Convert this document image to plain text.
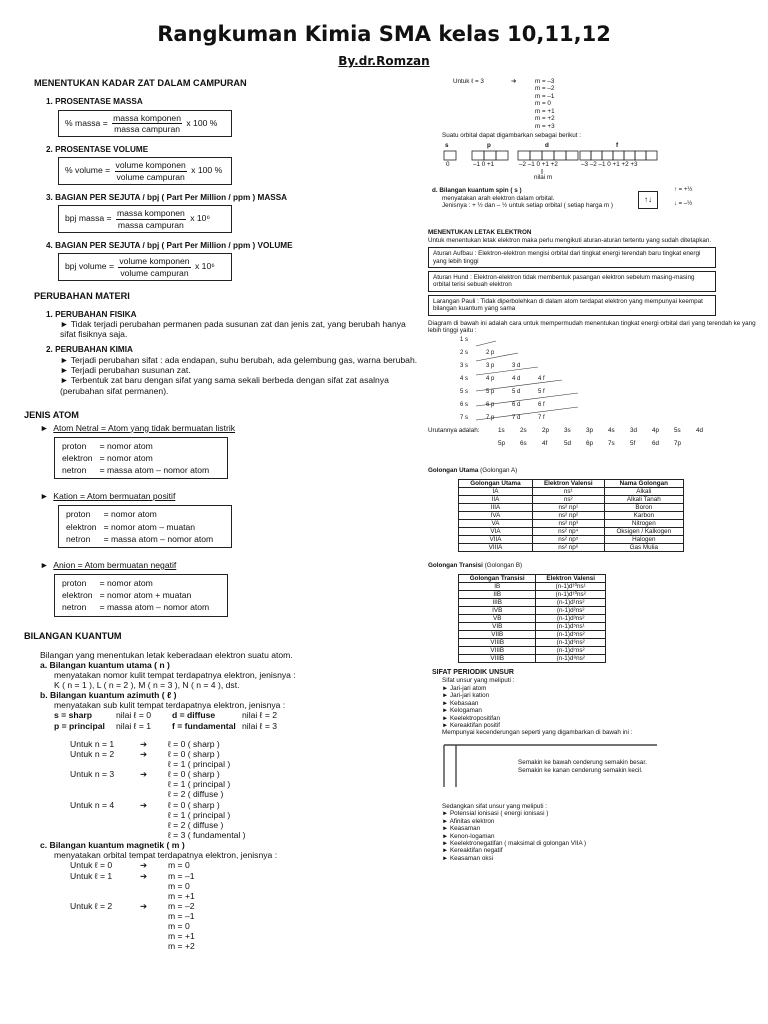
Rangkuman Kimia SMA kelas 10,11,12
By.dr.Romzan

MENENTUKAN KADAR ZAT DALAM CAMPURAN

1. PROSENTASE MASSA

% massa = $\frac{\text{massa komponen}}{\text{massa campuran}}$ x 100 %

2. PROSENTASE VOLUME

% volume = $\frac{\text{volume komponen}}{\text{volume campuran}}$ x 100 %

3. BAGIAN PER SEJUTA / bpj ( Part Per Million / ppm ) MASSA

bpj massa = $\frac{\text{massa komponen}}{\text{massa campuran}}$ x 10⁶

4. BAGIAN PER SEJUTA / bpj ( Part Per Million / ppm ) VOLUME

bpj volume = $\frac{\text{volume komponen}}{\text{volume campuran}}$ x 10⁶

PERUBAHAN MATERI

1. PERUBAHAN FISIKA

► Tidak terjadi perubahan permanen pada susunan zat dan jenis zat, yang berubah hanya sifat fisiknya saja.

2. PERUBAHAN KIMIA

► Terjadi perubahan sifat : ada endapan, suhu berubah, ada gelembung gas, warna berubah.

► Terjadi perubahan susunan zat.

► Terbentuk zat baru dengan sifat yang sama sekali berbeda dengan sifat zat asalnya (perubahan sifat permanen).

JENIS ATOM

►  Atom Netral = Atom yang tidak bermuatan listrik

proton	= nomor atom
elektron	= nomor atom
netron	= massa atom – nomor atom

►  Kation = Atom bermuatan positif

proton	= nomor atom
elektron	= nomor atom – muatan
netron	= massa atom – nomor atom

►  Anion = Atom bermuatan negatif

proton	= nomor atom
elektron	= nomor atom + muatan
netron	= massa atom – nomor atom

BILANGAN KUANTUM

Bilangan yang menentukan letak keberadaan elektron suatu atom.

a. Bilangan kuantum utama ( n )

menyatakan nomor kulit tempat terdapatnya elektron, jenisnya :

K ( n = 1 ), L ( n = 2 ), M ( n = 3 ), N ( n = 4 ), dst.

b. Bilangan kuantum azimuth ( ℓ )

menyatakan sub kulit tempat terdapatnya elektron, jenisnya :

s = sharp	nilai ℓ = 0	d = diffuse	nilai ℓ = 2
p = principal	nilai ℓ = 1	f = fundamental nilai ℓ = 3
Untuk n = 1	➔	ℓ = 0 ( sharp )
Untuk n = 2	➔	ℓ = 0 ( sharp )
ℓ = 1 ( principal )
Untuk n = 3	➔	ℓ = 0 ( sharp )
ℓ = 1 ( principal )
ℓ = 2 ( diffuse )
Untuk n = 4	➔	ℓ = 0 ( sharp )
ℓ = 1 ( principal )
ℓ = 2 ( diffuse )
ℓ = 3 ( fundamental )

c. Bilangan kuantum magnetik ( m )

menyatakan orbital tempat terdapatnya elektron, jenisnya :

Untuk ℓ = 0	➔	m = 0
Untuk ℓ = 1	➔	m = –1
m = 0
m = +1
Untuk ℓ = 2	➔	m = –2
m = –1
m = 0
m = +1
m = +2
Untuk ℓ = 3	➔	m = –3
m = –2
m = –1
m = 0
m = +1
m = +2
m = +3

Suatu orbital dapat digambarkan sebagai berikut :

s	p	d	f
0	–1 0 +1	–2 –1 0 +1 +2	–3 –2 –1 0 +1 +2 +3
nilai m

d. Bilangan kuantum spin ( s )

menyatakan arah elektron dalam orbital.

Jenisnya : + ½ dan – ½ untuk setiap orbital ( setiap harga m )

↑↓
↑ = +½
↓ = –½

MENENTUKAN LETAK ELEKTRON

Untuk menentukan letak elektron maka perlu mengikuti aturan-aturan tertentu yang sudah ditetapkan.

Aturan Aufbau : Elektron-elektron mengisi orbital dari tingkat energi terendah baru tingkat energi yang lebih tinggi
Aturan Hund : Elektron-elektron tidak membentuk pasangan elektron sebelum masing-masing orbital terisi sebuah elektron
Larangan Pauli : Tidak diperbolehkan di dalam atom terdapat elektron yang mempunyai keempat bilangan kuantum yang sama

Diagram di bawah ini adalah cara untuk mempermudah menentukan tingkat energi orbital dari yang terendah ke yang lebih tinggi yaitu :

1 s
2 s	2 p
3 s	3 p	3 d
4 s	4 p	4 d	4 f
5 s	5 p	5 d	5 f
6 s	6 p	6 d	6 f
7 s	7 p	7 d	7 f
Urutannya adalah:	1s	2s	2p	3s	3p	4s	3d	4p	5s	4d
5p	6s	4f	5d	6p	7s	5f	6d	7p

Golongan Utama (Golongan A)

Golongan Utama	Elektron Valensi	Nama Golongan
IA	ns¹	Alkali
IIA	ns²	Alkali Tanah
IIIA	ns² np¹	Boron
IVA	ns² np²	Karbon
VA	ns² np³	Nitrogen
VIA	ns² np⁴	Oksigen / Kalkogen
VIIA	ns² np⁵	Halogen
VIIIA	ns² np⁶	Gas Mulia

Golongan Transisi (Golongan B)

Golongan Transisi	Elektron Valensi
IB	(n-1)d¹⁰ns¹
IIB	(n-1)d¹⁰ns²
IIIB	(n-1)d¹ns²
IVB	(n-1)d²ns²
VB	(n-1)d³ns²
VIB	(n-1)d⁵ns¹
VIIB	(n-1)d⁵ns²
VIIIB	(n-1)d⁶ns²
VIIIB	(n-1)d⁷ns²
VIIIB	(n-1)d⁸ns²

SIFAT PERIODIK UNSUR

Sifat unsur yang meliputi :

► Jari-jari atom
► Jari-jari kation
► Kebasaan
► Kelogaman
► Keelektropositifan
► Kereaktifan positif

Mempunyai kecenderungan seperti yang digambarkan di bawah ini :

Semakin ke bawah cenderung semakin besar.
Semakin ke kanan cenderung semakin kecil.

Sedangkan sifat unsur yang meliputi :

► Potensial ionisasi ( energi ionisasi )
► Afinitas elektron
► Keasaman
► Kenon-logaman
► Keelektronegatifan ( maksimal di golongan VIIA )
► Kereaktifan negatif
► Keasaman oksi
